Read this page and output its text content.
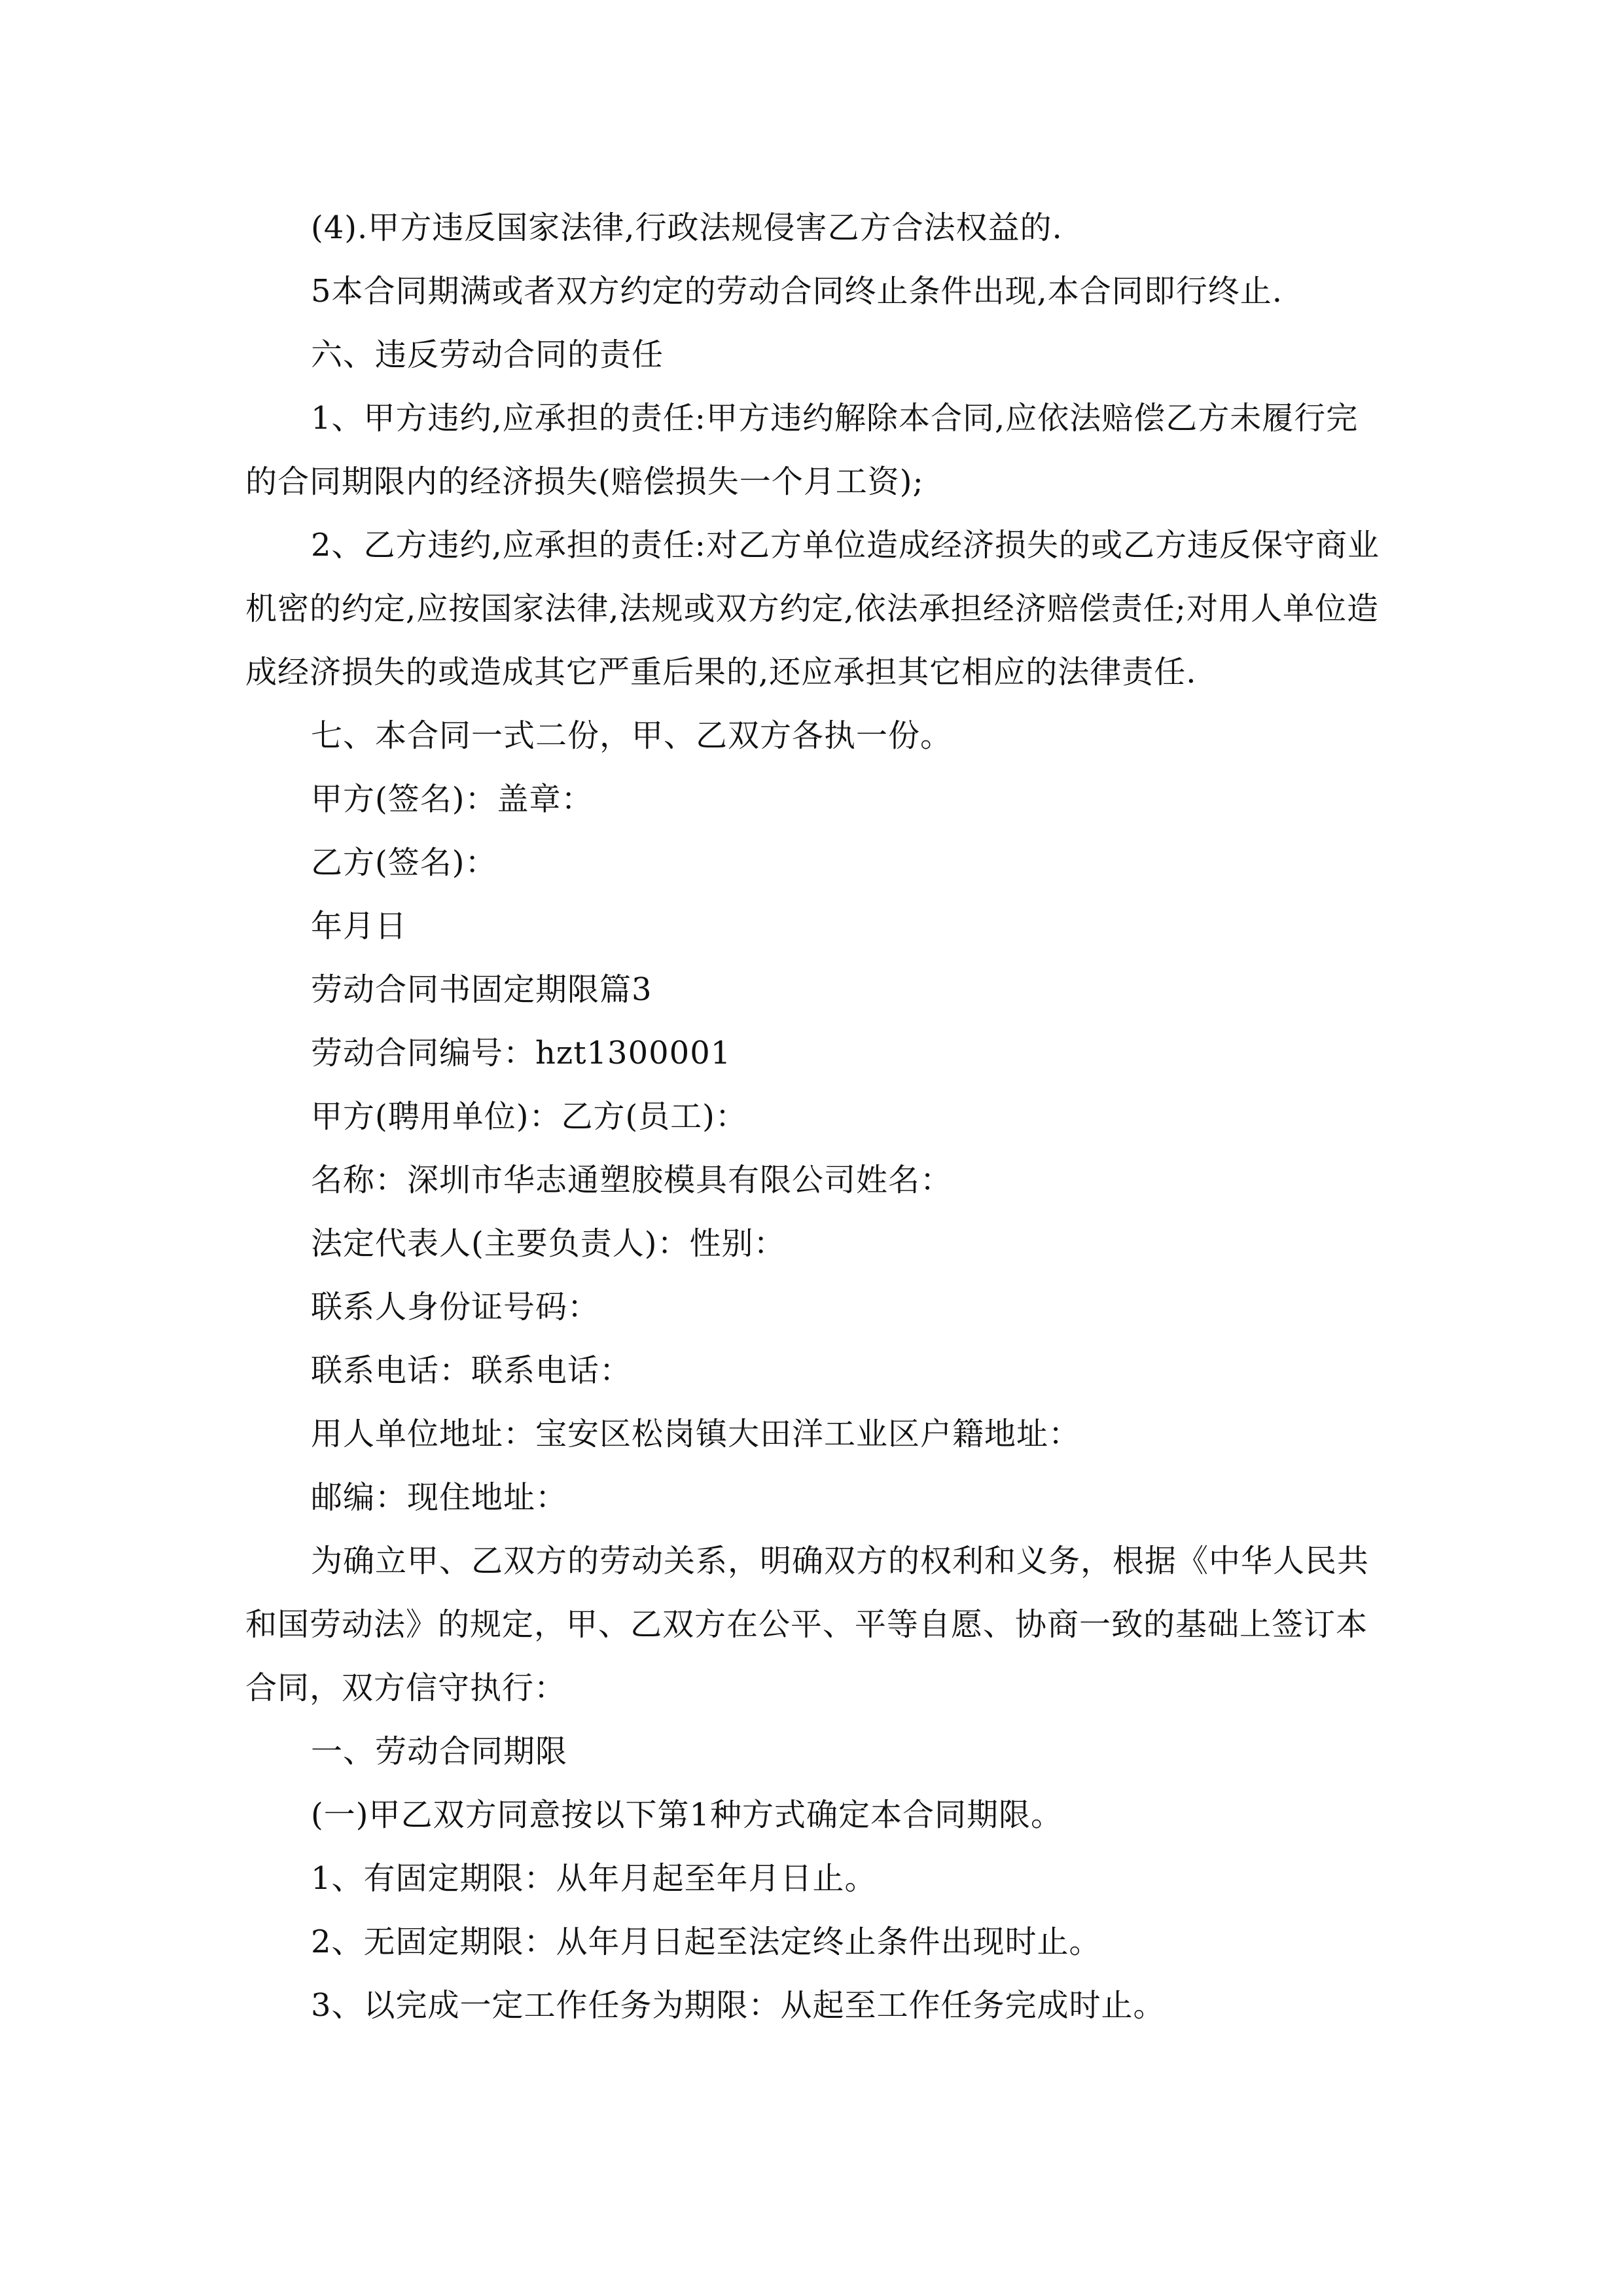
(4).甲方违反国家法律,行政法规侵害乙方合法权益的.

5本合同期满或者双方约定的劳动合同终止条件出现,本合同即行终止.

六、违反劳动合同的责任

1、甲方违约,应承担的责任:甲方违约解除本合同,应依法赔偿乙方未履行完的合同期限内的经济损失(赔偿损失一个月工资);

2、乙方违约,应承担的责任:对乙方单位造成经济损失的或乙方违反保守商业机密的约定,应按国家法律,法规或双方约定,依法承担经济赔偿责任;对用人单位造成经济损失的或造成其它严重后果的,还应承担其它相应的法律责任.

七、本合同一式二份，甲、乙双方各执一份。

甲方(签名)：盖章：

乙方(签名)：

年月日

劳动合同书固定期限篇3

劳动合同编号：hzt1300001

甲方(聘用单位)：乙方(员工)：

名称：深圳市华志通塑胶模具有限公司姓名：

法定代表人(主要负责人)：性别：

联系人身份证号码：

联系电话：联系电话：

用人单位地址：宝安区松岗镇大田洋工业区户籍地址：

邮编：现住地址：

为确立甲、乙双方的劳动关系，明确双方的权利和义务，根据《中华人民共和国劳动法》的规定，甲、乙双方在公平、平等自愿、协商一致的基础上签订本合同，双方信守执行：

一、劳动合同期限

(一)甲乙双方同意按以下第1种方式确定本合同期限。

1、有固定期限：从年月起至年月日止。

2、无固定期限：从年月日起至法定终止条件出现时止。

3、以完成一定工作任务为期限：从起至工作任务完成时止。
